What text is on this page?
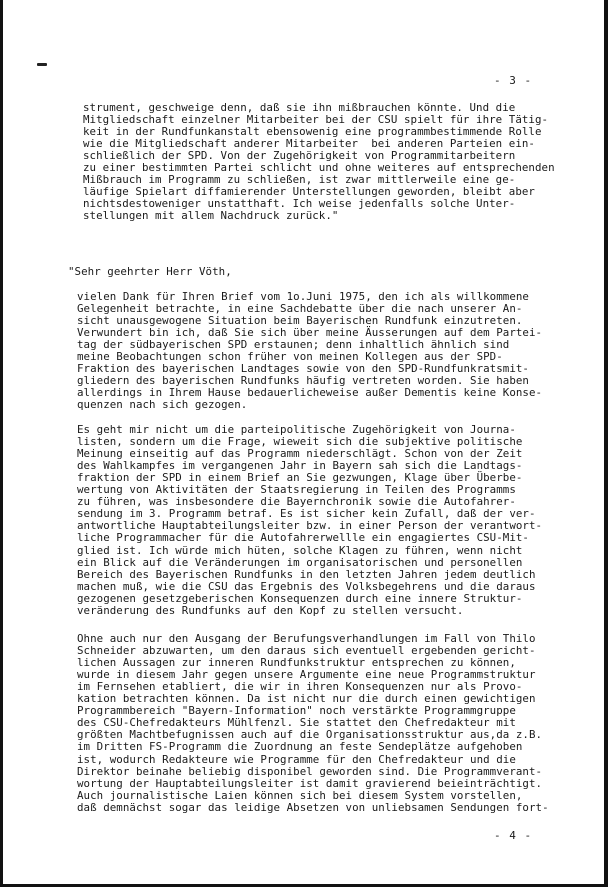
- 3 -
strument, geschweige denn, daß sie ihn mißbrauchen könnte. Und die
Mitgliedschaft einzelner Mitarbeiter bei der CSU spielt für ihre Tätig-
keit in der Rundfunkanstalt ebensowenig eine programmbestimmende Rolle
wie die Mitgliedschaft anderer Mitarbeiter  bei anderen Parteien ein-
schließlich der SPD. Von der Zugehörigkeit von Programmitarbeitern
zu einer bestimmten Partei schlicht und ohne weiteres auf entsprechenden
Mißbrauch im Programm zu schließen, ist zwar mittlerweile eine ge-
läufige Spielart diffamierender Unterstellungen geworden, bleibt aber
nichtsdestoweniger unstatthaft. Ich weise jedenfalls solche Unter-
stellungen mit allem Nachdruck zurück."
"Sehr geehrter Herr Vöth,
vielen Dank für Ihren Brief vom 1o.Juni 1975, den ich als willkommene
Gelegenheit betrachte, in eine Sachdebatte über die nach unserer An-
sicht unausgewogene Situation beim Bayerischen Rundfunk einzutreten.
Verwundert bin ich, daß Sie sich über meine Äusserungen auf dem Partei-
tag der südbayerischen SPD erstaunen; denn inhaltlich ähnlich sind
meine Beobachtungen schon früher von meinen Kollegen aus der SPD-
Fraktion des bayerischen Landtages sowie von den SPD-Rundfunkratsmit-
gliedern des bayerischen Rundfunks häufig vertreten worden. Sie haben
allerdings in Ihrem Hause bedauerlicheweise außer Dementis keine Konse-
quenzen nach sich gezogen.
Es geht mir nicht um die parteipolitische Zugehörigkeit von Journa-
listen, sondern um die Frage, wieweit sich die subjektive politische
Meinung einseitig auf das Programm niederschlägt. Schon von der Zeit
des Wahlkampfes im vergangenen Jahr in Bayern sah sich die Landtags-
fraktion der SPD in einem Brief an Sie gezwungen, Klage über Überbe-
wertung von Aktivitäten der Staatsregierung in Teilen des Programms
zu führen, was insbesondere die Bayernchronik sowie die Autofahrer-
sendung im 3. Programm betraf. Es ist sicher kein Zufall, daß der ver-
antwortliche Hauptabteilungsleiter bzw. in einer Person der verantwort-
liche Programmacher für die Autofahrerwellle ein engagiertes CSU-Mit-
glied ist. Ich würde mich hüten, solche Klagen zu führen, wenn nicht
ein Blick auf die Veränderungen im organisatorischen und personellen
Bereich des Bayerischen Rundfunks in den letzten Jahren jedem deutlich
machen muß, wie die CSU das Ergebnis des Volksbegehrens und die daraus
gezogenen gesetzgeberischen Konsequenzen durch eine innere Struktur-
veränderung des Rundfunks auf den Kopf zu stellen versucht.
Ohne auch nur den Ausgang der Berufungsverhandlungen im Fall von Thilo
Schneider abzuwarten, um den daraus sich eventuell ergebenden gericht-
lichen Aussagen zur inneren Rundfunkstruktur entsprechen zu können,
wurde in diesem Jahr gegen unsere Argumente eine neue Programmstruktur
im Fernsehen etabliert, die wir in ihren Konsequenzen nur als Provo-
kation betrachten können. Da ist nicht nur die durch einen gewichtigen
Programmbereich "Bayern-Information" noch verstärkte Programmgruppe
des CSU-Chefredakteurs Mühlfenzl. Sie stattet den Chefredakteur mit
größten Machtbefugnissen auch auf die Organisationsstruktur aus,da z.B.
im Dritten FS-Programm die Zuordnung an feste Sendeplätze aufgehoben
ist, wodurch Redakteure wie Programme für den Chefredakteur und die
Direktor beinahe beliebig disponibel geworden sind. Die Programmverant-
wortung der Hauptabteilungsleiter ist damit gravierend beieinträchtigt.
Auch journalistische Laien können sich bei diesem System vorstellen,
daß demnächst sogar das leidige Absetzen von unliebsamen Sendungen fort-
- 4 -
